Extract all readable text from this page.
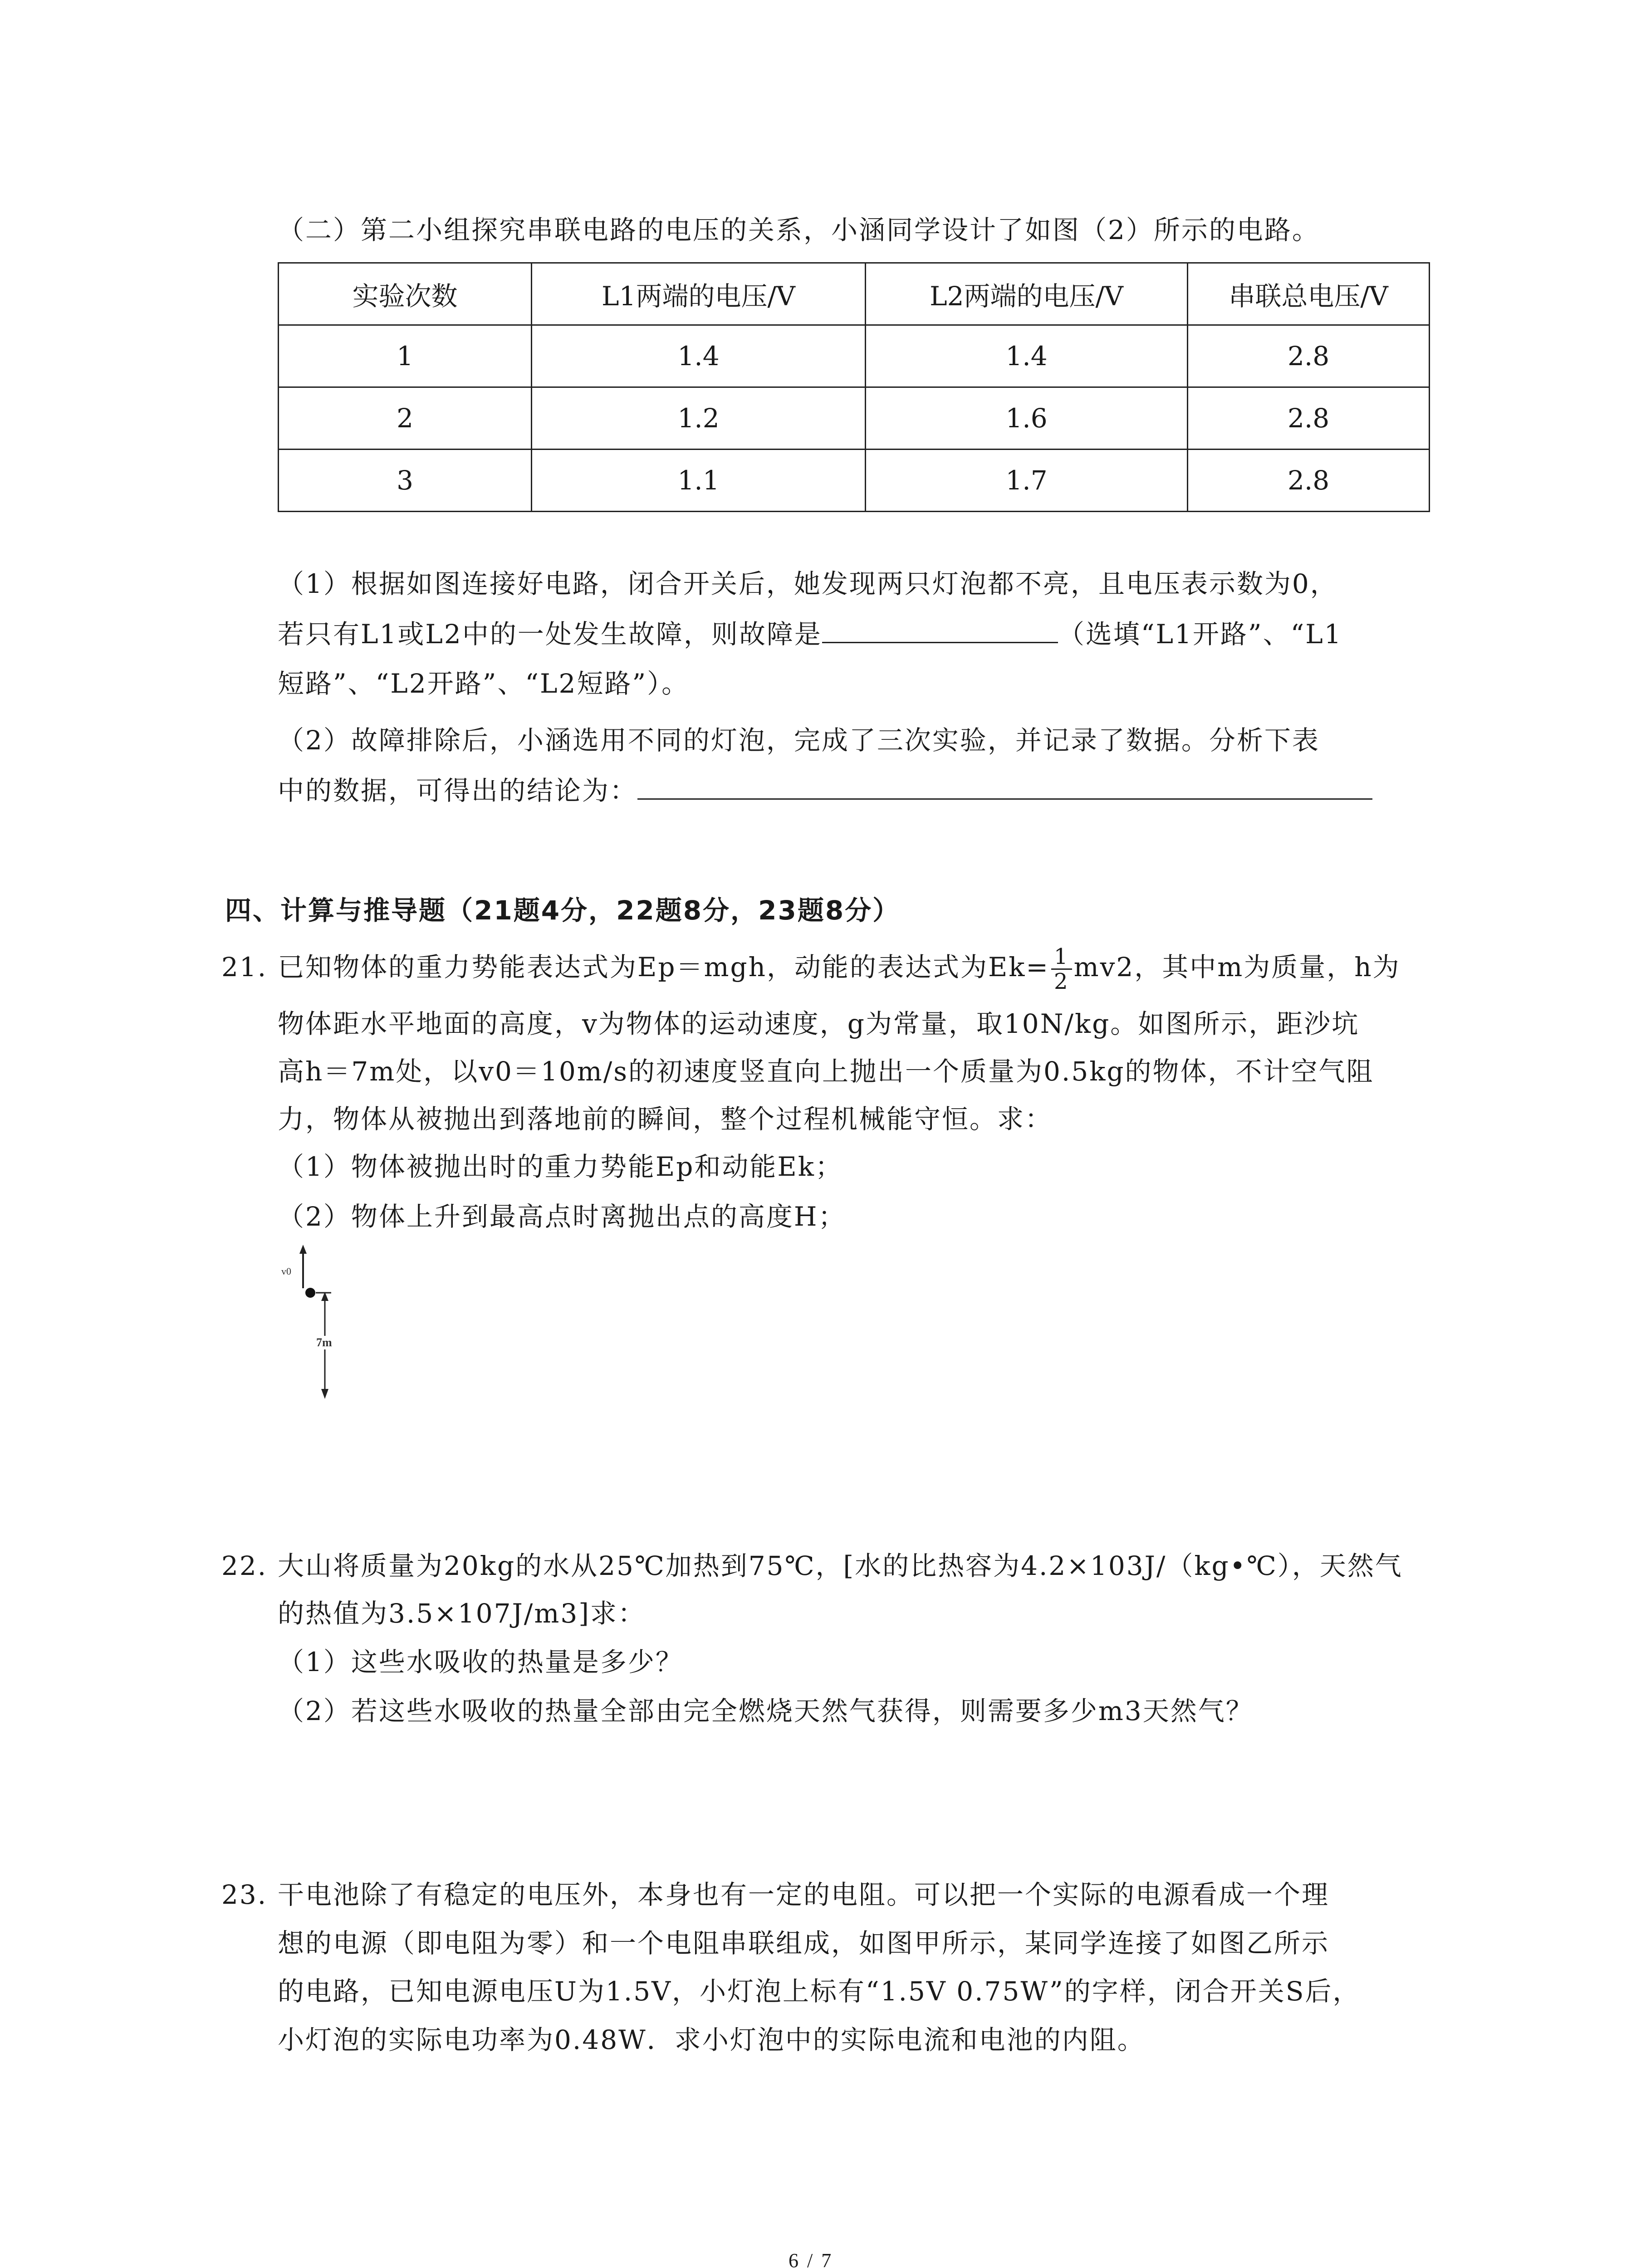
（二）第二小组探究串联电路的电压的关系，小涵同学设计了如图（2）所示的电路。
实验次数	L1两端的电压/V	L2两端的电压/V	串联总电压/V
1	1.4	1.4	2.8
2	1.2	1.6	2.8
3	1.1	1.7	2.8
（1）根据如图连接好电路，闭合开关后，她发现两只灯泡都不亮，且电压表示数为0，
若只有L1或L2中的一处发生故障，则故障是	（选填“L1开路”、“L1
短路”、“L2开路”、“L2短路”）。
（2）故障排除后，小涵选用不同的灯泡，完成了三次实验，并记录了数据。分析下表
中的数据，可得出的结论为：
四、计算与推导题（21题4分，22题8分，23题8分）
21. 已知物体的重力势能表达式为Ep＝mgh，动能的表达式为$Ek= \frac{1}{2} mv2$，其中m为质量，h为
物体距水平地面的高度，v为物体的运动速度，g为常量，取10N/kg。如图所示，距沙坑
高h＝7m处，以v0＝10m/s的初速度竖直向上抛出一个质量为0.5kg的物体，不计空气阻
力，物体从被抛出到落地前的瞬间，整个过程机械能守恒。求：
（1）物体被抛出时的重力势能Ep和动能Ek；
（2）物体上升到最高点时离抛出点的高度H；
v0
7m
22. 大山将质量为20kg的水从25℃加热到75℃，[水的比热容为4.2×103J/（kg•℃），天然气
的热值为3.5×107J/m3]求：
（1）这些水吸收的热量是多少？
（2）若这些水吸收的热量全部由完全燃烧天然气获得，则需要多少m3天然气？
23. 干电池除了有稳定的电压外，本身也有一定的电阻。可以把一个实际的电源看成一个理
想的电源（即电阻为零）和一个电阻串联组成，如图甲所示，某同学连接了如图乙所示
的电路，已知电源电压U为1.5V，小灯泡上标有“1.5V 0.75W”的字样，闭合开关S后，
小灯泡的实际电功率为0.48W．求小灯泡中的实际电流和电池的内阻。
6 / 7
